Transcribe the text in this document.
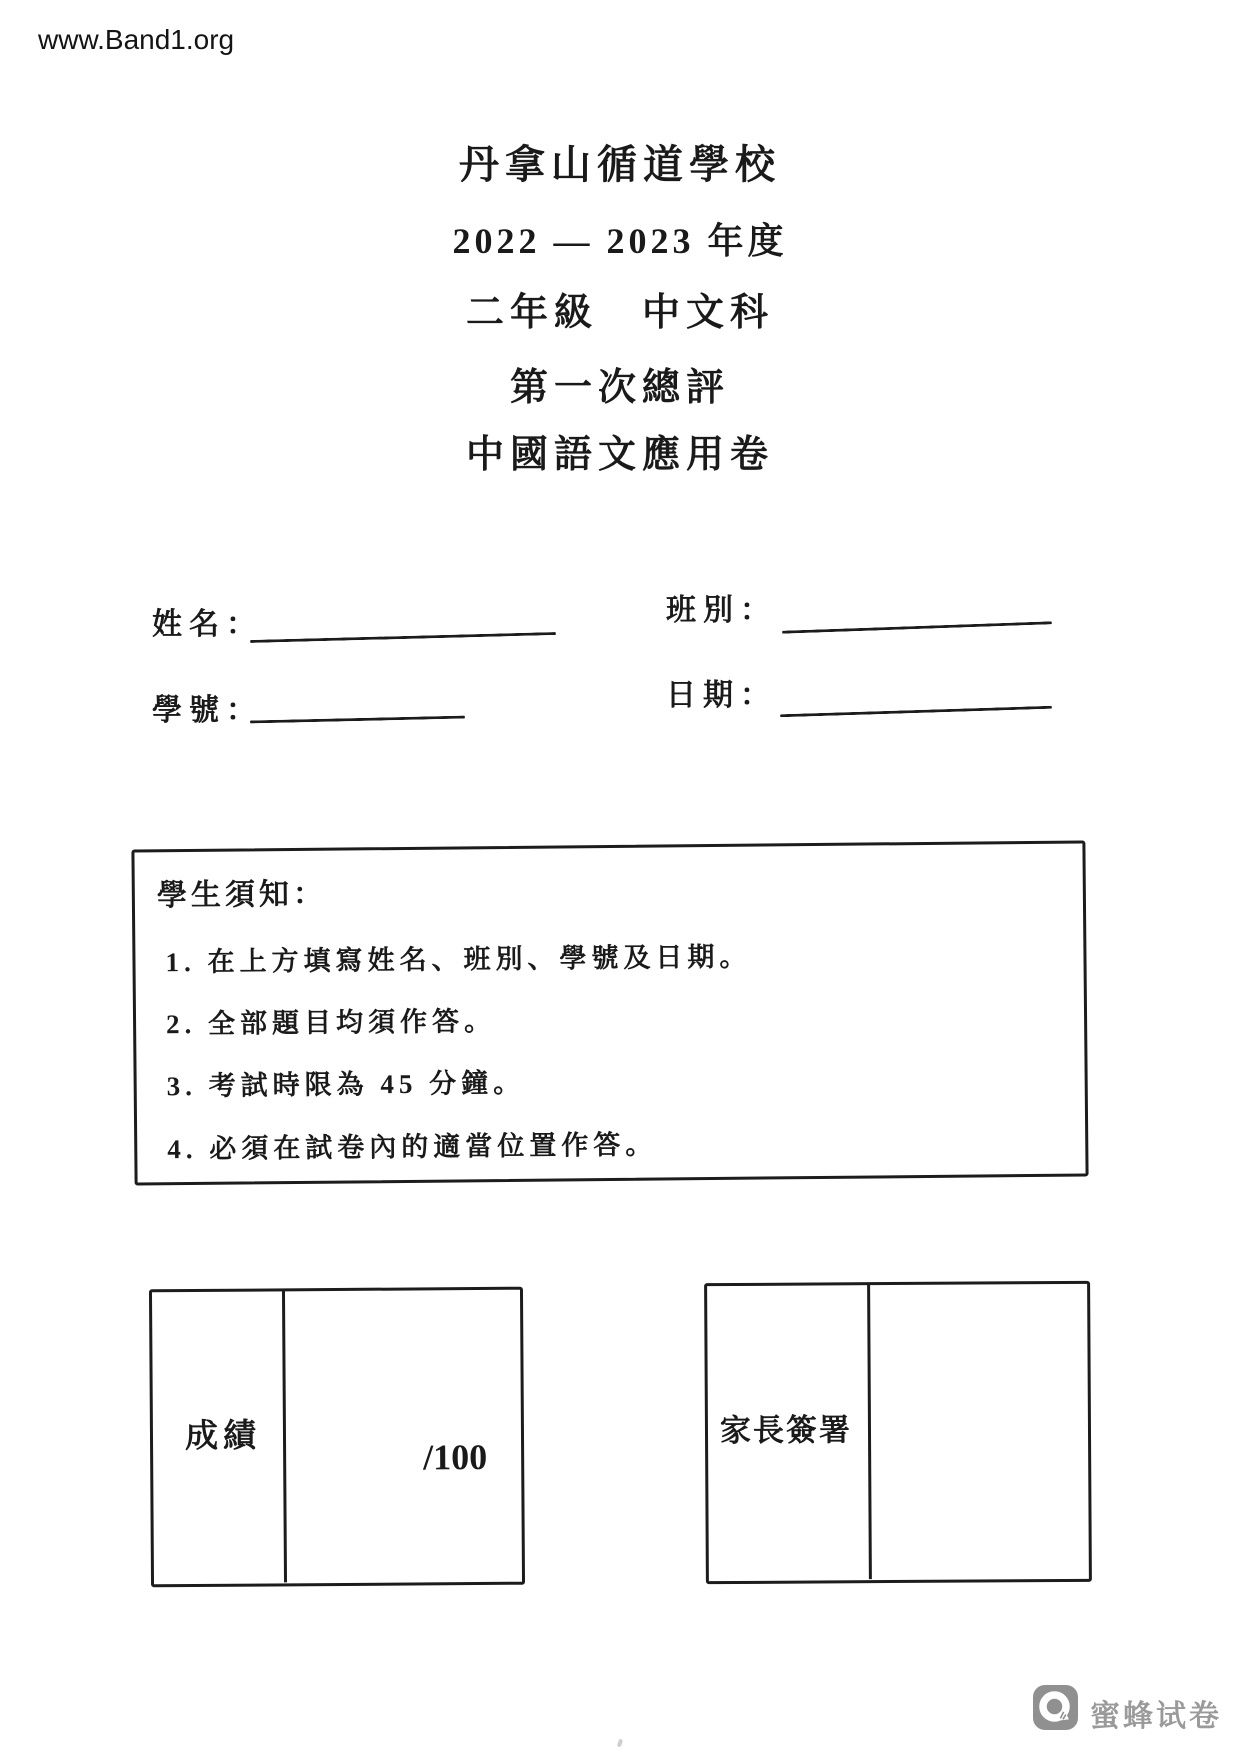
www.Band1.org
丹拿山循道學校
2022 — 2023 年度
二年級　中文科
第一次總評
中國語文應用卷
姓名：	班別：
學號：	日期：
學生須知：
1. 在上方填寫姓名、班別、學號及日期。
2. 全部題目均須作答。
3. 考試時限為 45 分鐘。
4. 必須在試卷內的適當位置作答。
成績
/100
家長簽署
蜜蜂试卷
